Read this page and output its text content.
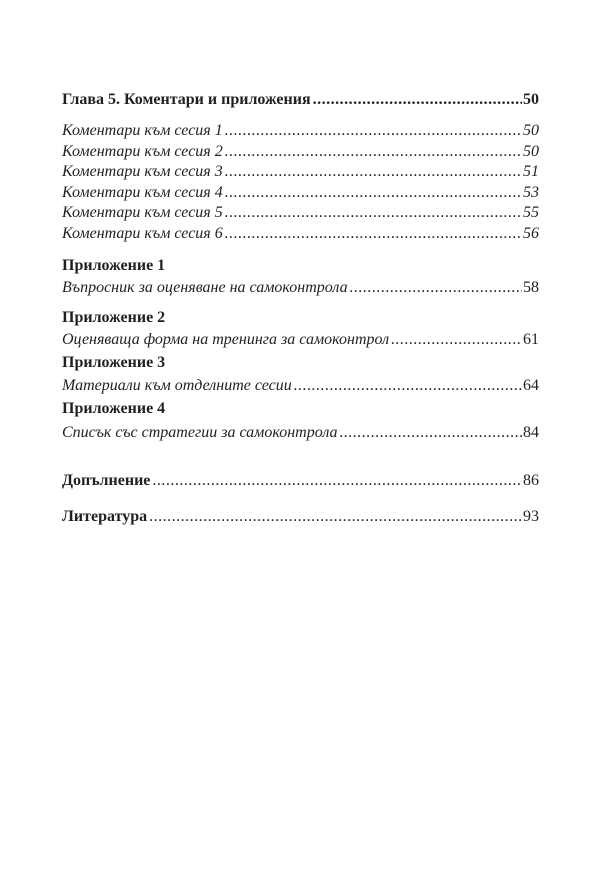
Глава 5. Коментари и приложения .....	50
Коментари към сесия 1 .....	50
Коментари към сесия 2 .....	50
Коментари към сесия 3 .....	51
Коментари към сесия 4 .....	53
Коментари към сесия 5 .....	55
Коментари към сесия 6 .....	56
Приложение 1
Въпросник за оценяване на самоконтрола .....	58
Приложение 2
Оценяваща форма на тренинга за самоконтрол .....	61
Приложение 3
Материали към отделните сесии .....	64
Приложение 4
Списък със стратегии за самоконтрола .....	84
Допълнение .....	86
Литература .....	93
